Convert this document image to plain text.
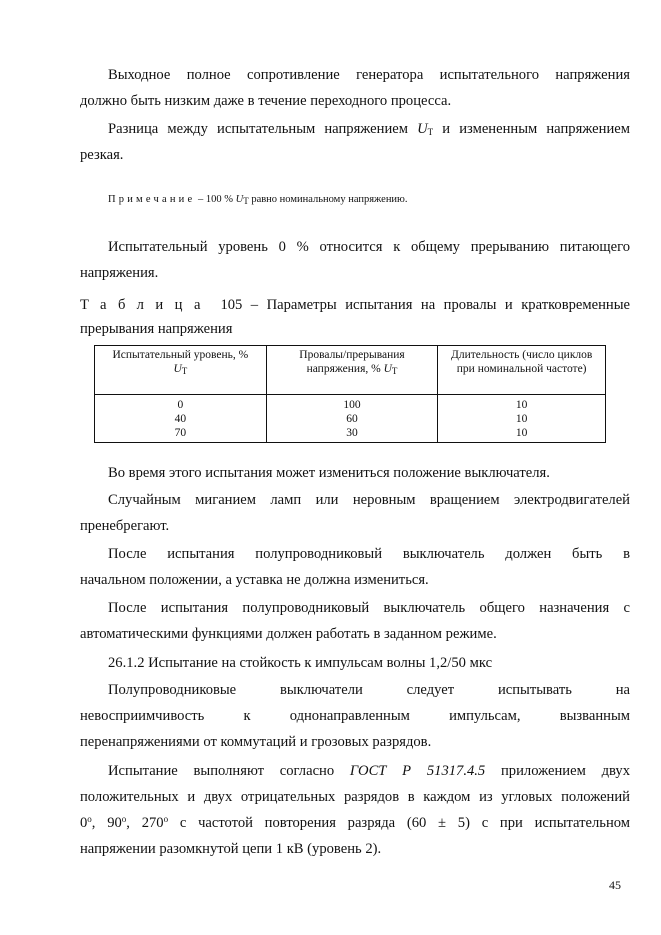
Выходное полное сопротивление генератора испытательного напряжения
должно быть низким даже в течение переходного процесса.

Разница между испытательным напряжением $U_T$ и измененным напряжением
резкая.

Примечание – 100 % $U_T$ равно номинальному напряжению.

Испытательный уровень 0 % относится к общему прерыванию питающего
напряжения.

Таблица 105 – Параметры испытания на провалы и кратковременные
прерывания напряжения
Испытательный уровень, %
$U_T$	Провалы/прерывания напряжения, % $U_T$	Длительность (число циклов при номинальной частоте)
0	100	10
40	60	10
70	30	10

Во время этого испытания может измениться положение выключателя.

Случайным миганием ламп или неровным вращением электродвигателей
пренебрегают.

После испытания полупроводниковый выключатель должен быть в
начальном положении, а уставка не должна измениться.

После испытания полупроводниковый выключатель общего назначения с
автоматическими функциями должен работать в заданном режиме.

26.1.2 Испытание на стойкость к импульсам волны 1,2/50 мкс

Полупроводниковые выключатели следует испытывать на
невосприимчивость к однонаправленным импульсам, вызванным
перенапряжениями от коммутаций и грозовых разрядов.

Испытание выполняют согласно ГОСТ Р 51317.4.5 приложением двух
положительных и двух отрицательных разрядов в каждом из угловых положений
0$^o$, 90$^o$, 270$^o$ с частотой повторения разряда (60 ± 5) с при испытательном
напряжении разомкнутой цепи 1 кВ (уровень 2).

45
